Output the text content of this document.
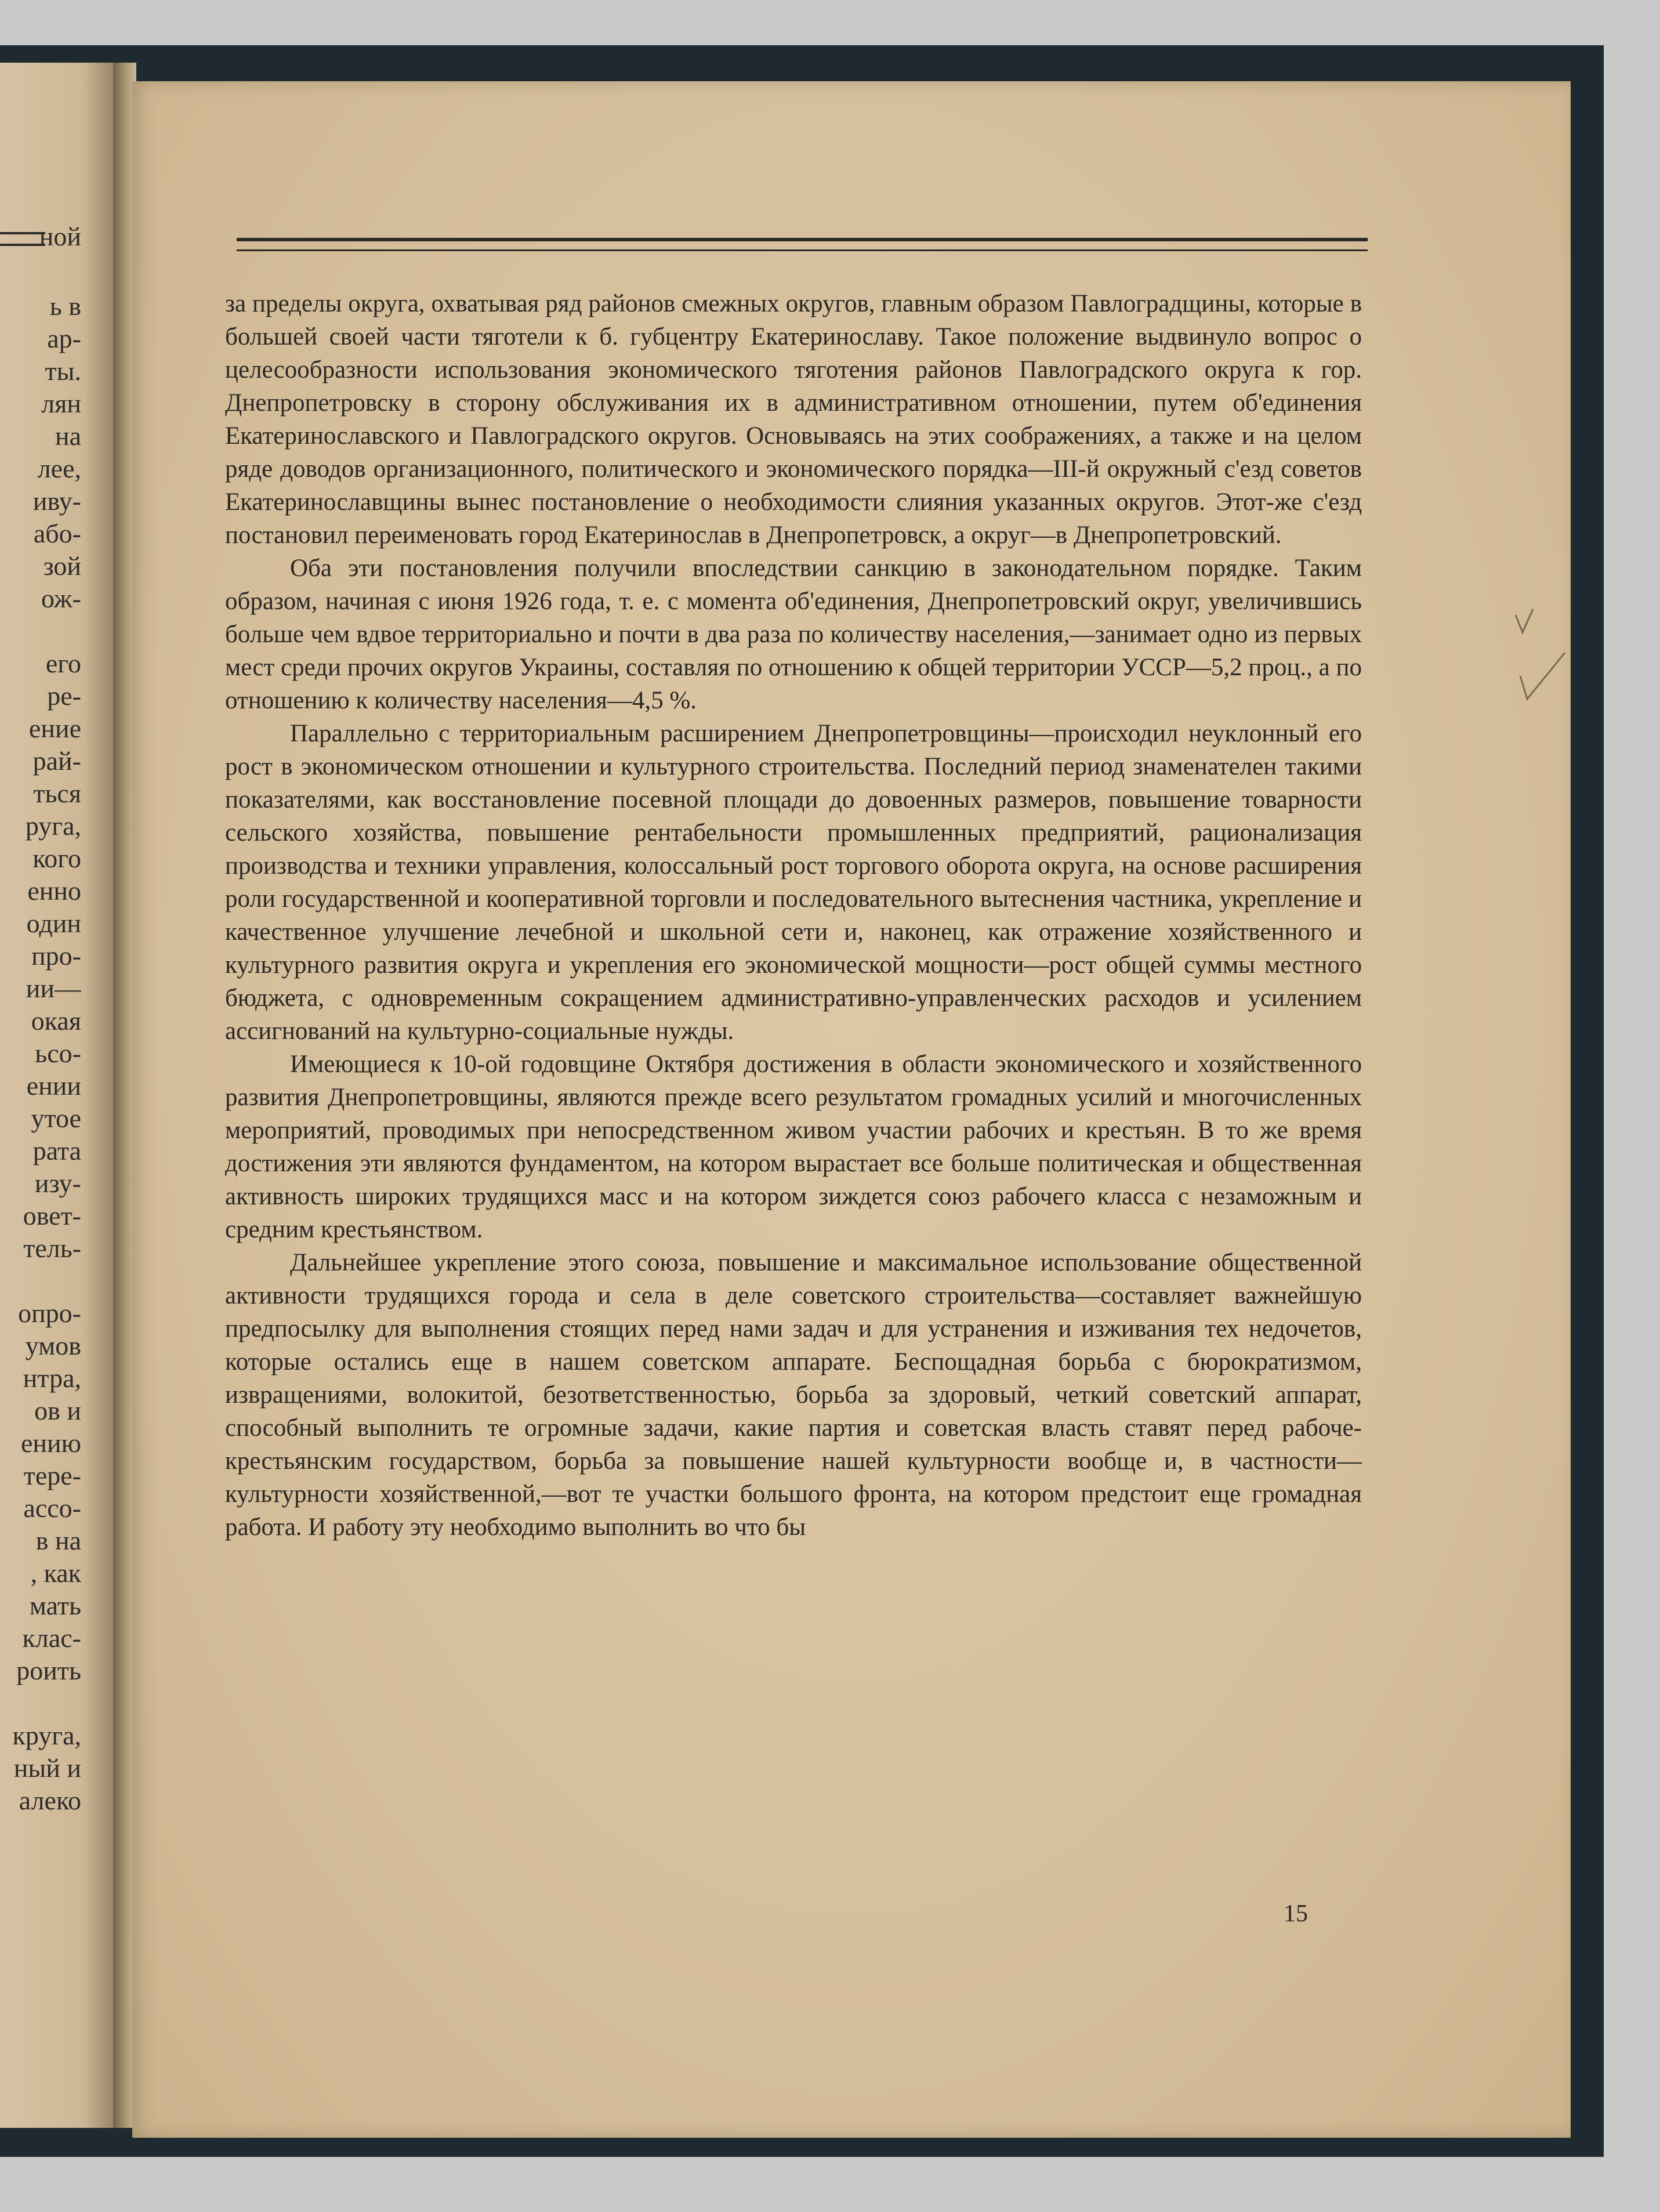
ной
ь в
ар-
ты.
лян
на
лее,
иву-
або-
зой
ож-
его
ре-
ение
рай-
ться
руга,
кого
енно
один
про-
ии—
окая
ьсо-
ении
утое
рата
изу-
овет-
тель-
опро-
умов
нтра,
ов и
ению
тере-
ассо-
в на
, как
мать
клас-
роить
круга,
ный и
алеко

за пределы округа, охватывая ряд районов смежных округов, главным образом Павлоградщины, которые в большей своей части тяготели к б. губцентру Екатеринославу. Такое положение выдвинуло вопрос о целесообразности использования экономического тяготения районов Павлоградского округа к гор. Днепропетровску в сторону обслуживания их в административном отношении, путем об'единения Екатеринославского и Павлоградского округов. Основываясь на этих соображениях, а также и на целом ряде доводов организационного, политического и экономического порядка—III-й окружный с'езд советов Екатеринославщины вынес постановление о необходимости слияния указанных округов. Этот-же с'езд постановил переименовать город Екатеринослав в Днепропетровск, а округ—в Днепропетровский.

Оба эти постановления получили впоследствии санкцию в законодательном порядке. Таким образом, начиная с июня 1926 года, т. е. с момента об'единения, Днепропетровский округ, увеличившись больше чем вдвое территориально и почти в два раза по количеству населения,—занимает одно из первых мест среди прочих округов Украины, составляя по отношению к общей территории УССР—5,2 проц., а по отношению к количеству населения—4,5 %.

Параллельно с территориальным расширением Днепропетровщины—происходил неуклонный его рост в экономическом отношении и культурного строительства. Последний период знаменателен такими показателями, как восстановление посевной площади до довоенных размеров, повышение товарности сельского хозяйства, повышение рентабельности промышленных предприятий, рационализация производства и техники управления, колоссальный рост торгового оборота округа, на основе расширения роли государственной и кооперативной торговли и последовательного вытеснения частника, укрепление и качественное улучшение лечебной и школьной сети и, наконец, как отражение хозяйственного и культурного развития округа и укрепления его экономической мощности—рост общей суммы местного бюджета, с одновременным сокращением административно-управленческих расходов и усилением ассигнований на культурно-социальные нужды.

Имеющиеся к 10-ой годовщине Октября достижения в области экономического и хозяйственного развития Днепропетровщины, являются прежде всего результатом громадных усилий и многочисленных мероприятий, проводимых при непосредственном живом участии рабочих и крестьян. В то же время достижения эти являются фундаментом, на котором вырастает все больше политическая и общественная активность широких трудящихся масс и на котором зиждется союз рабочего класса с незаможным и средним крестьянством.

Дальнейшее укрепление этого союза, повышение и максимальное использование общественной активности трудящихся города и села в деле советского строительства—составляет важнейшую предпосылку для выполнения стоящих перед нами задач и для устранения и изживания тех недочетов, которые остались еще в нашем советском аппарате. Беспощадная борьба с бюрократизмом, извращениями, волокитой, безответственностью, борьба за здоровый, четкий советский аппарат, способный выполнить те огромные задачи, какие партия и советская власть ставят перед рабоче-крестьянским государством, борьба за повышение нашей культурности вообще и, в частности—культурности хозяйственной,—вот те участки большого фронта, на котором предстоит еще громадная работа. И работу эту необходимо выполнить во что бы

15
